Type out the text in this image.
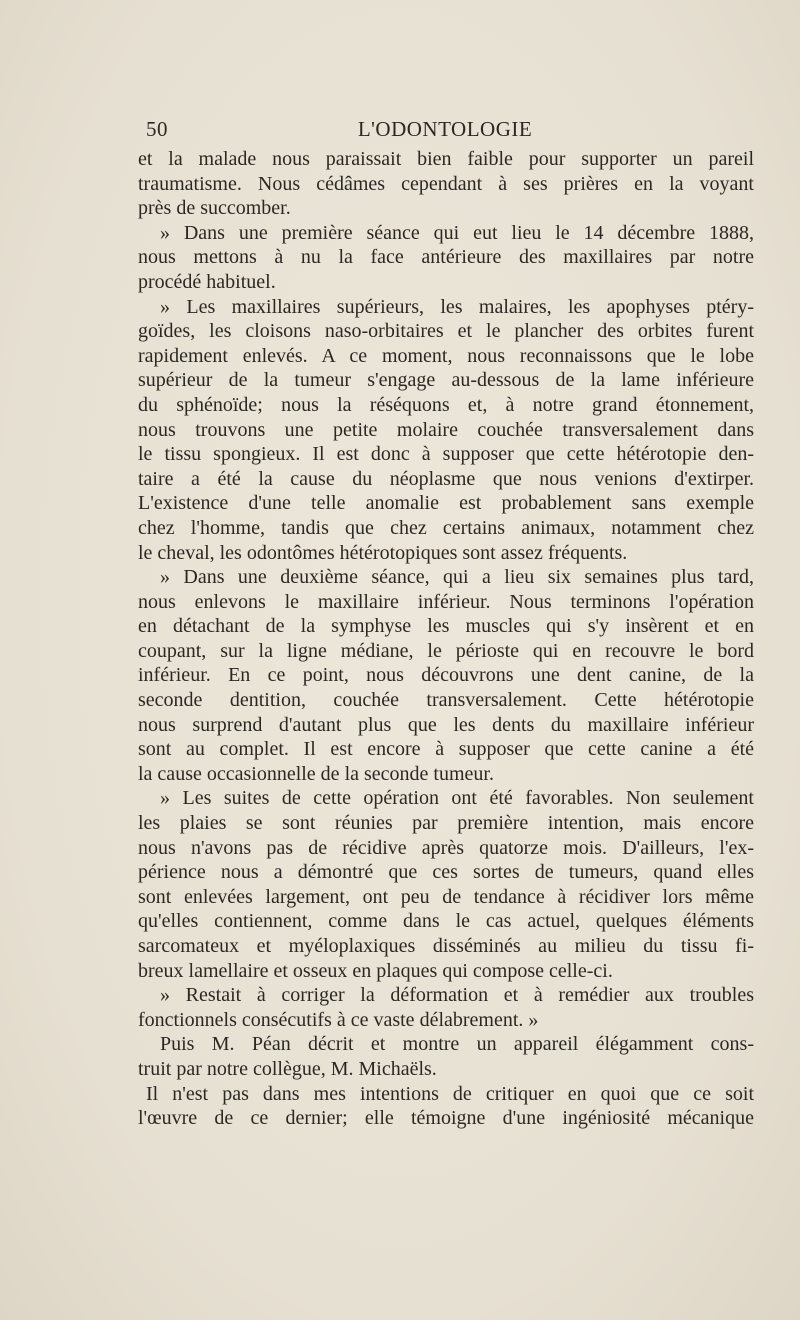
50	L'ODONTOLOGIE
et la malade nous paraissait bien faible pour supporter un pareil
traumatisme. Nous cédâmes cependant à ses prières en la voyant
près de succomber.
» Dans une première séance qui eut lieu le 14 décembre 1888,
nous mettons à nu la face antérieure des maxillaires par notre
procédé habituel.
» Les maxillaires supérieurs, les malaires, les apophyses ptéry-
goïdes, les cloisons naso-orbitaires et le plancher des orbites furent
rapidement enlevés. A ce moment, nous reconnaissons que le lobe
supérieur de la tumeur s'engage au-dessous de la lame inférieure
du sphénoïde; nous la réséquons et, à notre grand étonnement,
nous trouvons une petite molaire couchée transversalement dans
le tissu spongieux. Il est donc à supposer que cette hétérotopie den-
taire a été la cause du néoplasme que nous venions d'extirper.
L'existence d'une telle anomalie est probablement sans exemple
chez l'homme, tandis que chez certains animaux, notamment chez
le cheval, les odontômes hétérotopiques sont assez fréquents.
» Dans une deuxième séance, qui a lieu six semaines plus tard,
nous enlevons le maxillaire inférieur. Nous terminons l'opération
en détachant de la symphyse les muscles qui s'y insèrent et en
coupant, sur la ligne médiane, le périoste qui en recouvre le bord
inférieur. En ce point, nous découvrons une dent canine, de la
seconde dentition, couchée transversalement. Cette hétérotopie
nous surprend d'autant plus que les dents du maxillaire inférieur
sont au complet. Il est encore à supposer que cette canine a été
la cause occasionnelle de la seconde tumeur.
» Les suites de cette opération ont été favorables. Non seulement
les plaies se sont réunies par première intention, mais encore
nous n'avons pas de récidive après quatorze mois. D'ailleurs, l'ex-
périence nous a démontré que ces sortes de tumeurs, quand elles
sont enlevées largement, ont peu de tendance à récidiver lors même
qu'elles contiennent, comme dans le cas actuel, quelques éléments
sarcomateux et myéloplaxiques disséminés au milieu du tissu fi-
breux lamellaire et osseux en plaques qui compose celle-ci.
» Restait à corriger la déformation et à remédier aux troubles
fonctionnels consécutifs à ce vaste délabrement. »
Puis M. Péan décrit et montre un appareil élégamment cons-
truit par notre collègue, M. Michaëls.
Il n'est pas dans mes intentions de critiquer en quoi que ce soit
l'œuvre de ce dernier; elle témoigne d'une ingéniosité mécanique
